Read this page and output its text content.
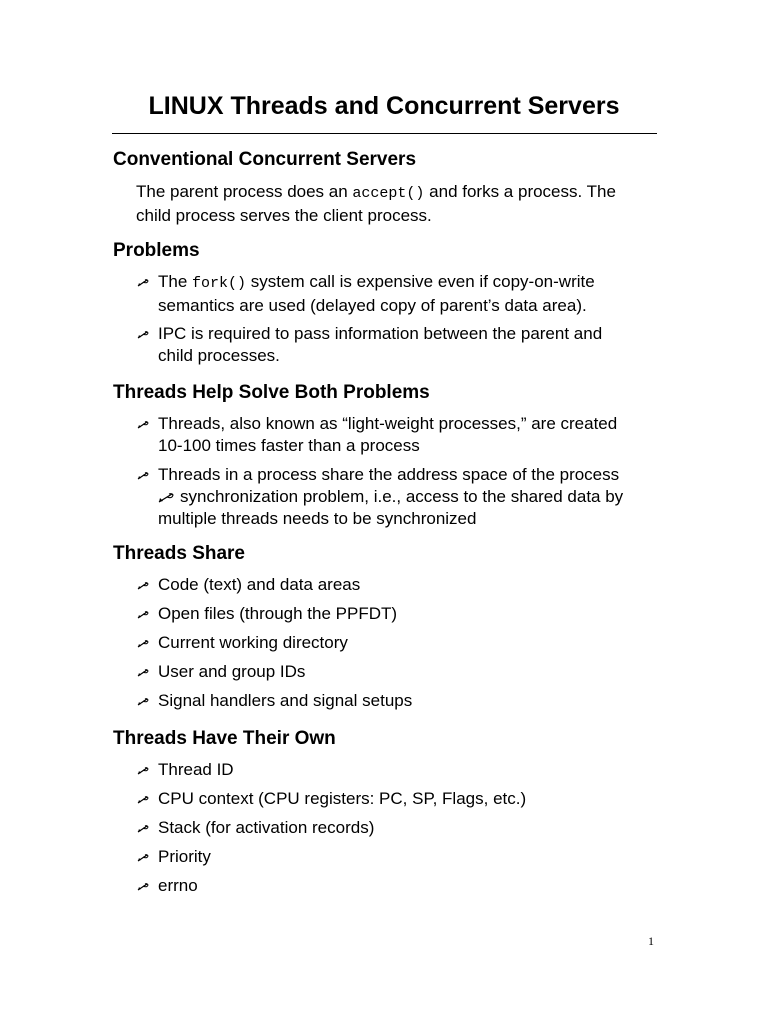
LINUX Threads and Concurrent Servers
Conventional Concurrent Servers

The parent process does an accept() and forks a process. The
child process serves the client process.

Problems
The fork() system call is expensive even if copy-on-write
semantics are used (delayed copy of parent’s data area).
IPC is required to pass information between the parent and
child processes.
Threads Help Solve Both Problems
Threads, also known as “light-weight processes,” are created
10-100 times faster than a process
Threads in a process share the address space of the process
synchronization problem, i.e., access to the shared data by
multiple threads needs to be synchronized
Threads Share
Code (text) and data areas
Open files (through the PPFDT)
Current working directory
User and group IDs
Signal handlers and signal setups
Threads Have Their Own
Thread ID
CPU context (CPU registers: PC, SP, Flags, etc.)
Stack (for activation records)
Priority
errno
1
